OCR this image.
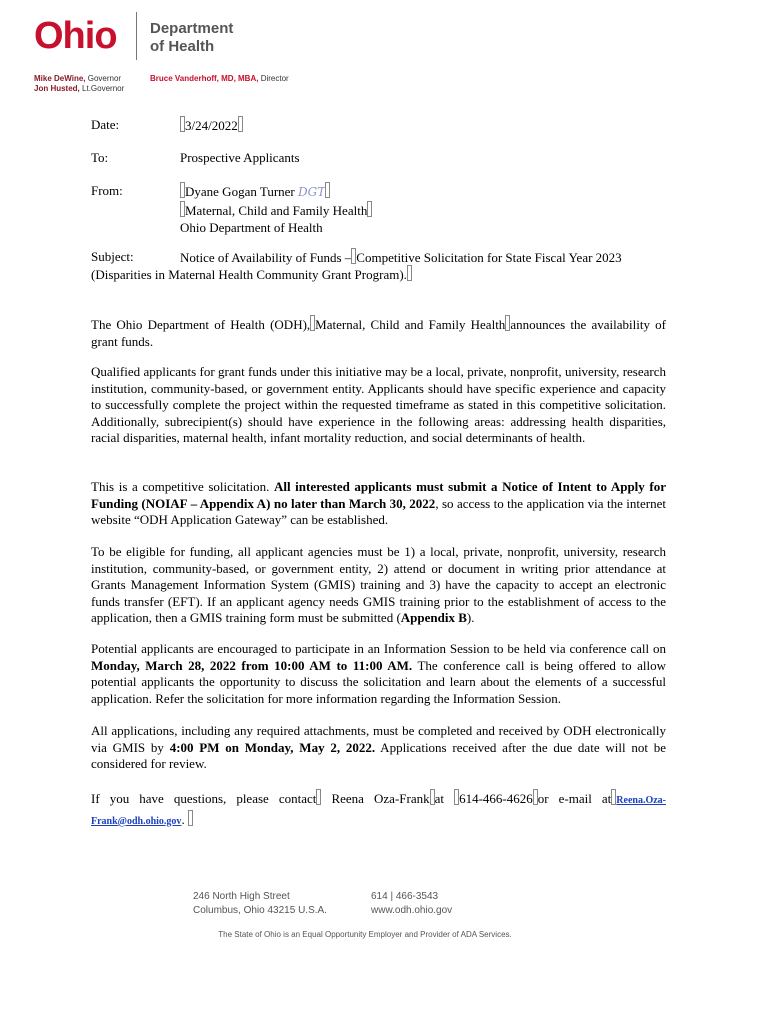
Ohio Department
of Health
Mike DeWine, Governor
Jon Husted, Lt.Governor
Bruce Vanderhoff, MD, MBA, Director
Date:	3/24/2022
To:	Prospective Applicants
From:	Dyane Gogan Turner DGT
Maternal, Child and Family Health
Ohio Department of Health
Subject:	Notice of Availability of Funds – Competitive Solicitation for State Fiscal Year 2023
(Disparities in Maternal Health Community Grant Program).
The Ohio Department of Health (ODH), Maternal, Child and Family Health announces the availability of grant funds.
Qualified applicants for grant funds under this initiative may be a local, private, nonprofit, university, research institution, community-based, or government entity. Applicants should have specific experience and capacity to successfully complete the project within the requested timeframe as stated in this competitive solicitation. Additionally, subrecipient(s) should have experience in the following areas: addressing health disparities, racial disparities, maternal health, infant mortality reduction, and social determinants of health.
This is a competitive solicitation. All interested applicants must submit a Notice of Intent to Apply for Funding (NOIAF – Appendix A) no later than March 30, 2022, so access to the application via the internet website “ODH Application Gateway” can be established.
To be eligible for funding, all applicant agencies must be 1) a local, private, nonprofit, university, research institution, community-based, or government entity, 2) attend or document in writing prior attendance at Grants Management Information System (GMIS) training and 3) have the capacity to accept an electronic funds transfer (EFT). If an applicant agency needs GMIS training prior to the establishment of access to the application, then a GMIS training form must be submitted (Appendix B).
Potential applicants are encouraged to participate in an Information Session to be held via conference call on Monday, March 28, 2022 from 10:00 AM to 11:00 AM. The conference call is being offered to allow potential applicants the opportunity to discuss the solicitation and learn about the elements of a successful application. Refer the solicitation for more information regarding the Information Session.
All applications, including any required attachments, must be completed and received by ODH electronically via GMIS by 4:00 PM on Monday, May 2, 2022. Applications received after the due date will not be considered for review.
If you have questions, please contact Reena Oza-Frank at 614-466-4626 or e-mail at Reena.Oza-Frank@odh.ohio.gov.
246 North High Street
Columbus, Ohio 43215 U.S.A.
614 | 466-3543
www.odh.ohio.gov
The State of Ohio is an Equal Opportunity Employer and Provider of ADA Services.
